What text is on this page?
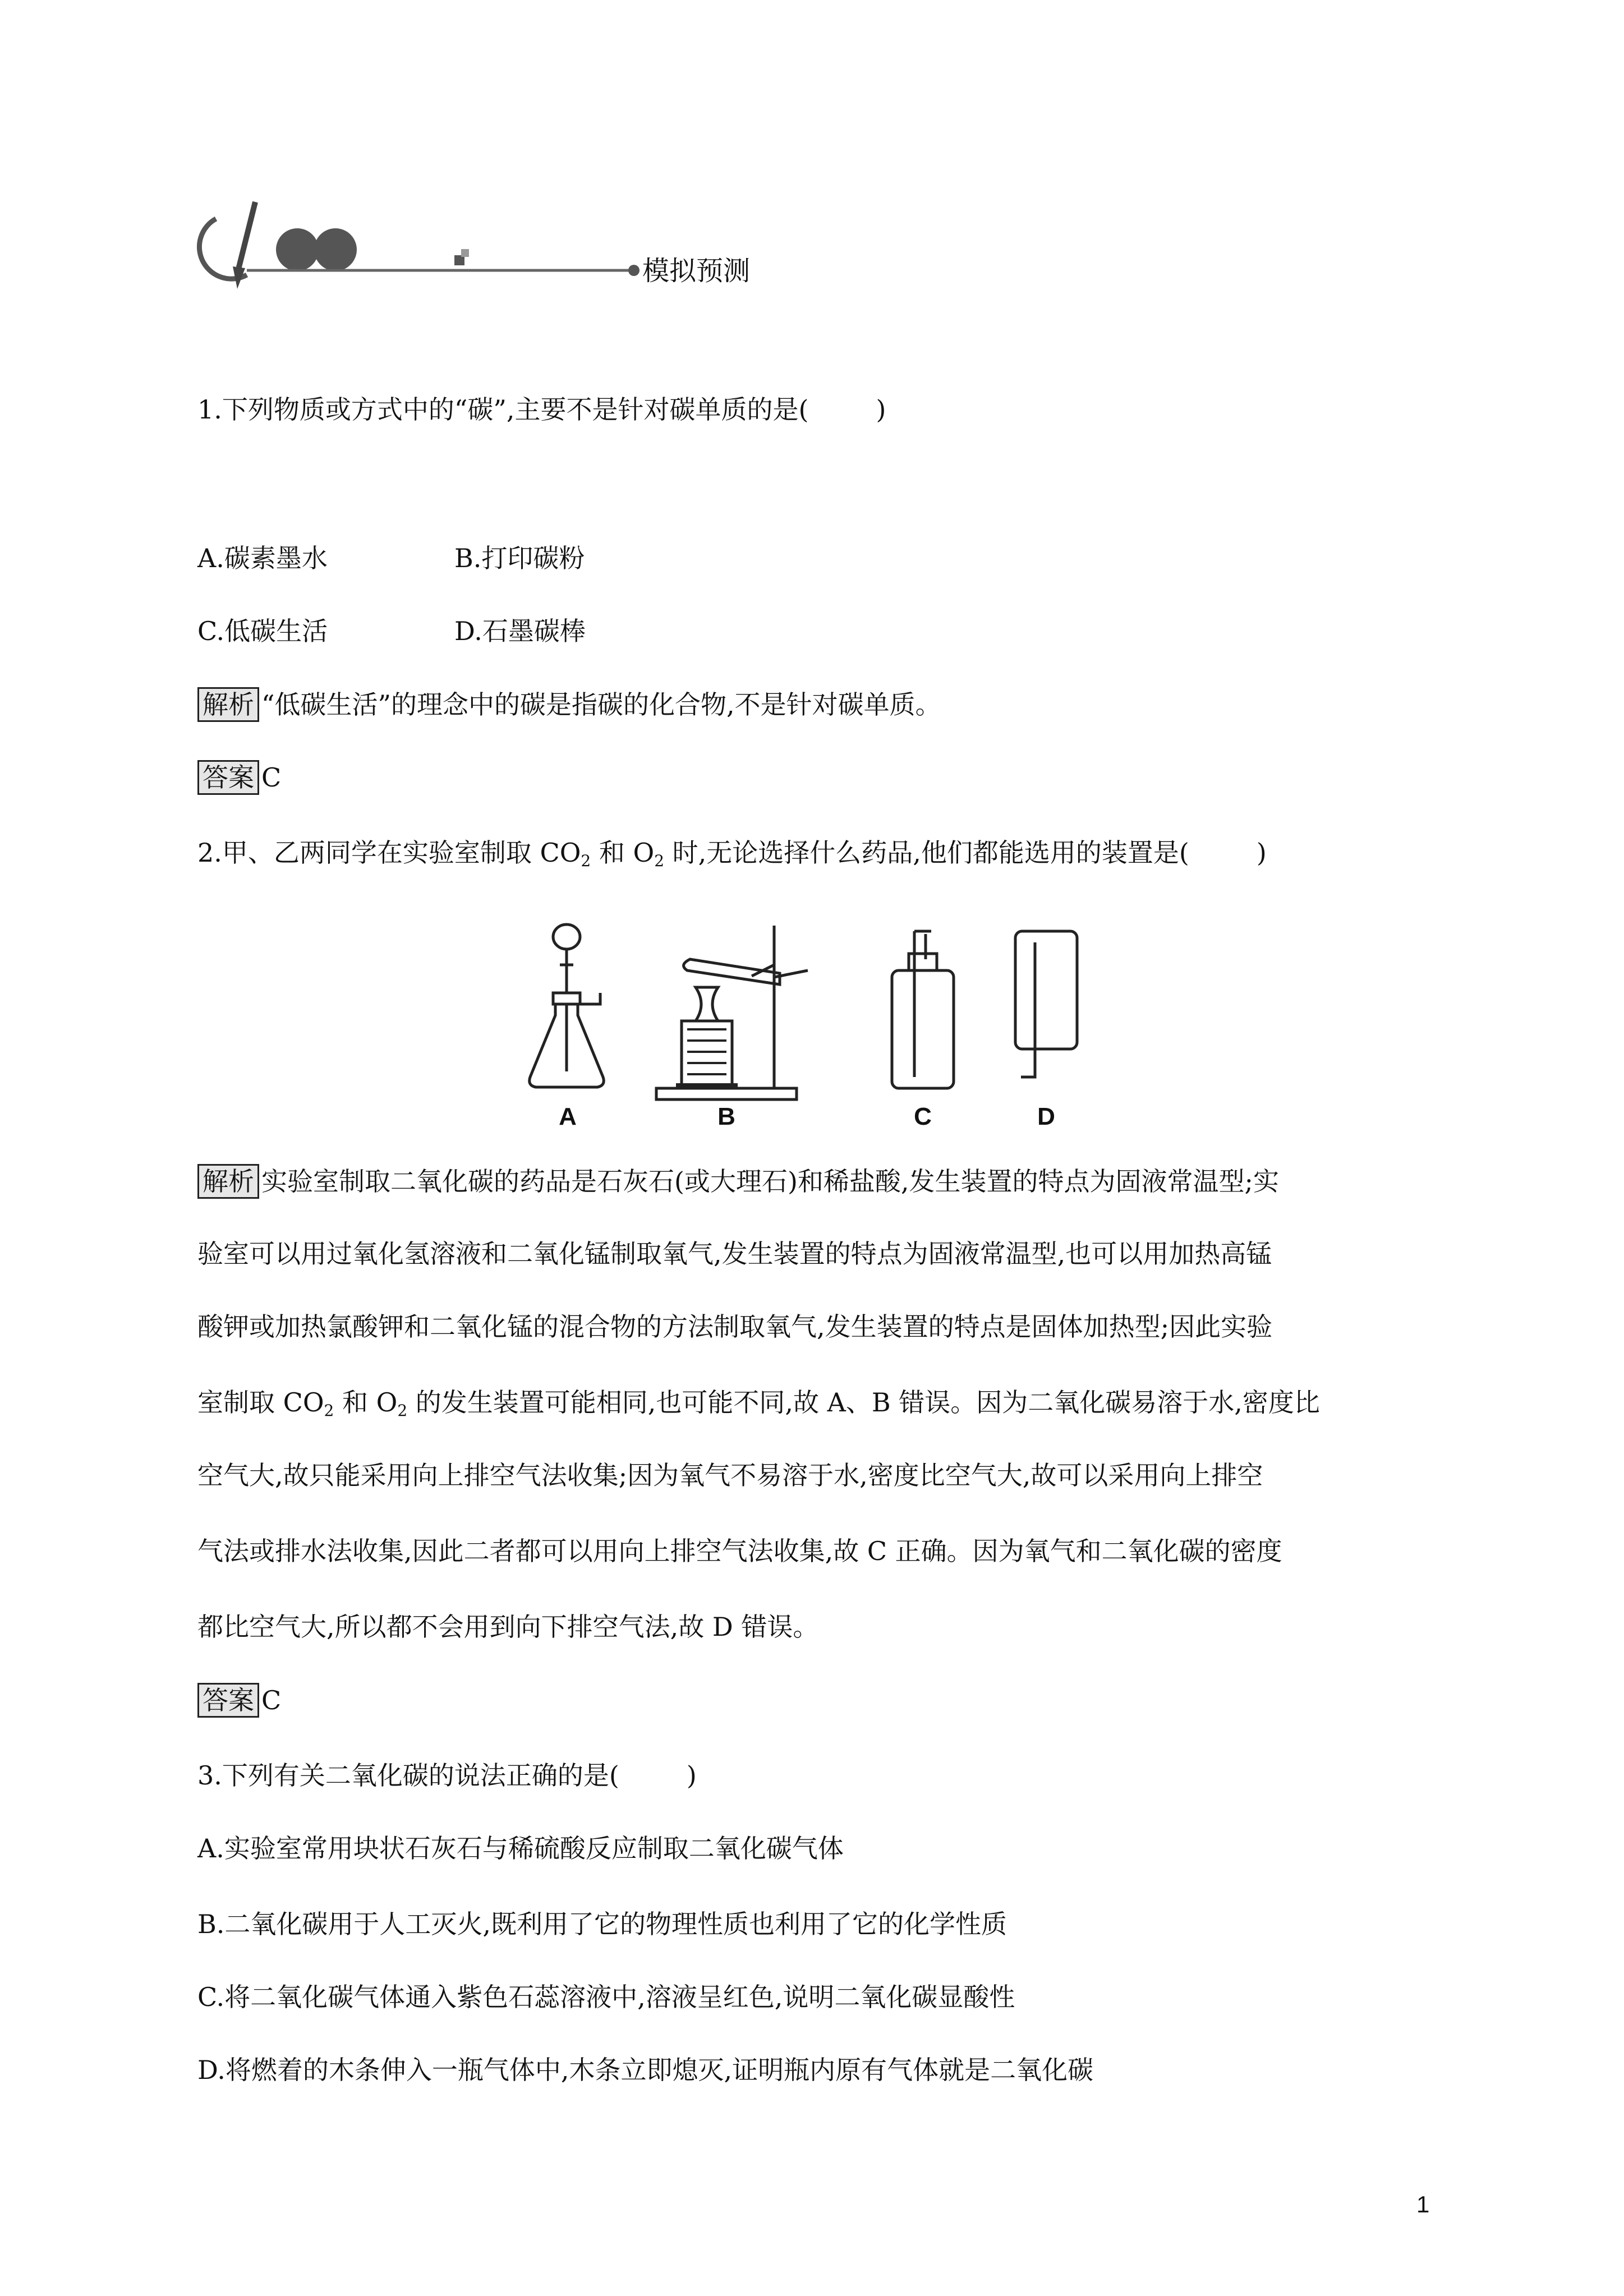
模拟预测
1.下列物质或方式中的“碳”,主要不是针对碳单质的是(	)
A.碳素墨水	B.打印碳粉
C.低碳生活	D.石墨碳棒
解析 “低碳生活”的理念中的碳是指碳的化合物,不是针对碳单质。
答案 C
2.甲、乙两同学在实验室制取 $CO_2$ 和 $O_2$ 时,无论选择什么药品,他们都能选用的装置是(	)
A	B	C	D
解析 实验室制取二氧化碳的药品是石灰石(或大理石)和稀盐酸,发生装置的特点为固液常温型;实
验室可以用过氧化氢溶液和二氧化锰制取氧气,发生装置的特点为固液常温型,也可以用加热高锰
酸钾或加热氯酸钾和二氧化锰的混合物的方法制取氧气,发生装置的特点是固体加热型;因此实验
室制取 $CO_2$ 和 $O_2$ 的发生装置可能相同,也可能不同,故 A、B 错误。因为二氧化碳易溶于水,密度比
空气大,故只能采用向上排空气法收集;因为氧气不易溶于水,密度比空气大,故可以采用向上排空
气法或排水法收集,因此二者都可以用向上排空气法收集,故 C 正确。因为氧气和二氧化碳的密度
都比空气大,所以都不会用到向下排空气法,故 D 错误。
答案 C
3.下列有关二氧化碳的说法正确的是(	)
A.实验室常用块状石灰石与稀硫酸反应制取二氧化碳气体
B.二氧化碳用于人工灭火,既利用了它的物理性质也利用了它的化学性质
C.将二氧化碳气体通入紫色石蕊溶液中,溶液呈红色,说明二氧化碳显酸性
D.将燃着的木条伸入一瓶气体中,木条立即熄灭,证明瓶内原有气体就是二氧化碳
1
